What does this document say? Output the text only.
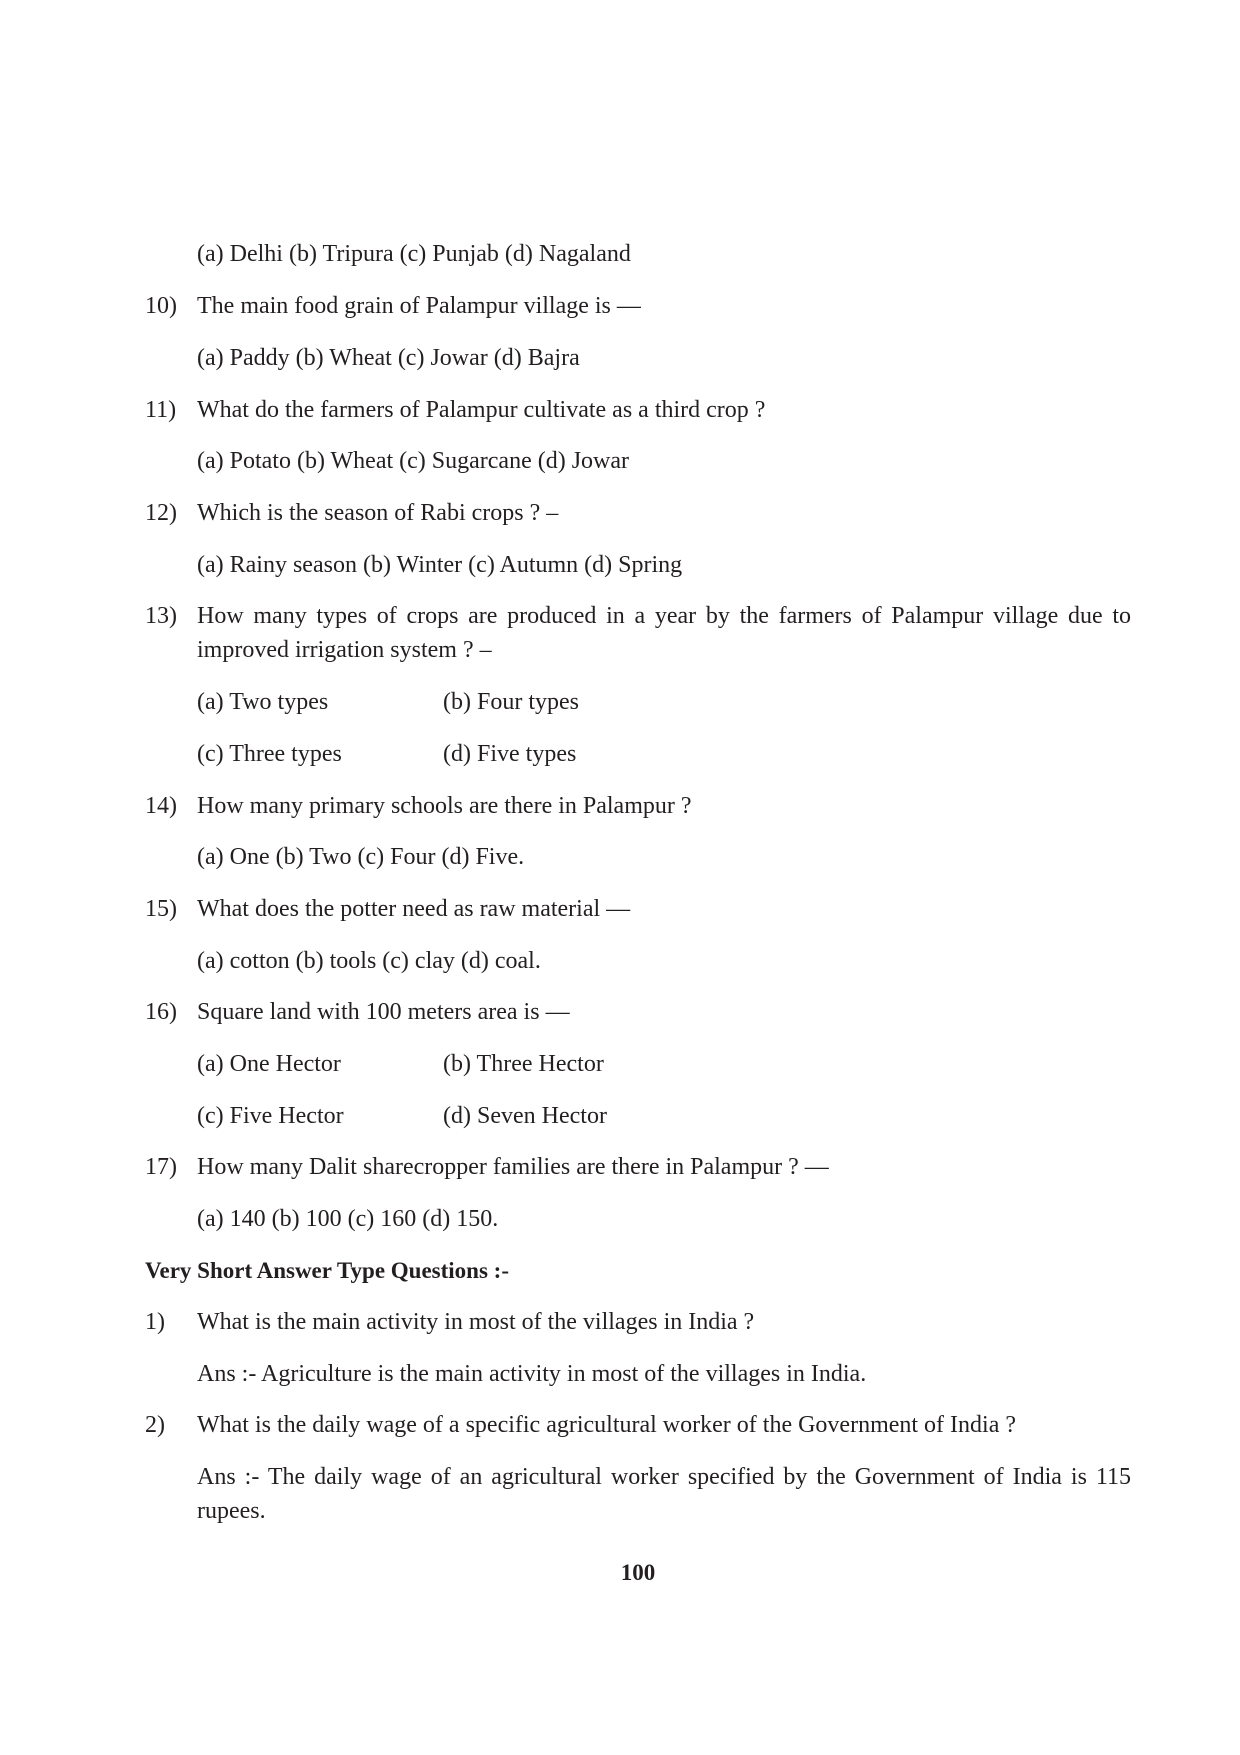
(a) Delhi (b) Tripura (c) Punjab (d) Nagaland
10) The main food grain of Palampur village is —
(a) Paddy (b) Wheat (c) Jowar (d) Bajra
11) What do the farmers of Palampur cultivate as a third crop ?
(a) Potato (b) Wheat (c) Sugarcane (d) Jowar
12) Which is the season of Rabi crops ? –
(a) Rainy season (b) Winter (c) Autumn (d) Spring
13) How many types of crops are produced in a year by the farmers of Palampur village due to improved irrigation system ? –
(a) Two types	(b) Four types
(c) Three types	(d) Five types
14) How many primary schools are there in Palampur ?
(a) One (b) Two (c) Four (d) Five.
15) What does the potter need as raw material —
(a) cotton (b) tools (c) clay (d) coal.
16) Square land with 100 meters area is —
(a) One Hector	(b) Three Hector
(c) Five Hector	(d) Seven Hector
17) How many Dalit sharecropper families are there in Palampur ? —
(a) 140 (b) 100 (c) 160 (d) 150.
Very Short Answer Type Questions :-
1) What is the main activity in most of the villages in India ?
Ans :- Agriculture is the main activity in most of the villages in India.
2) What is the daily wage of a specific agricultural worker of the Government of India ?
Ans :- The daily wage of an agricultural worker specified by the Government of India is 115 rupees.
100
